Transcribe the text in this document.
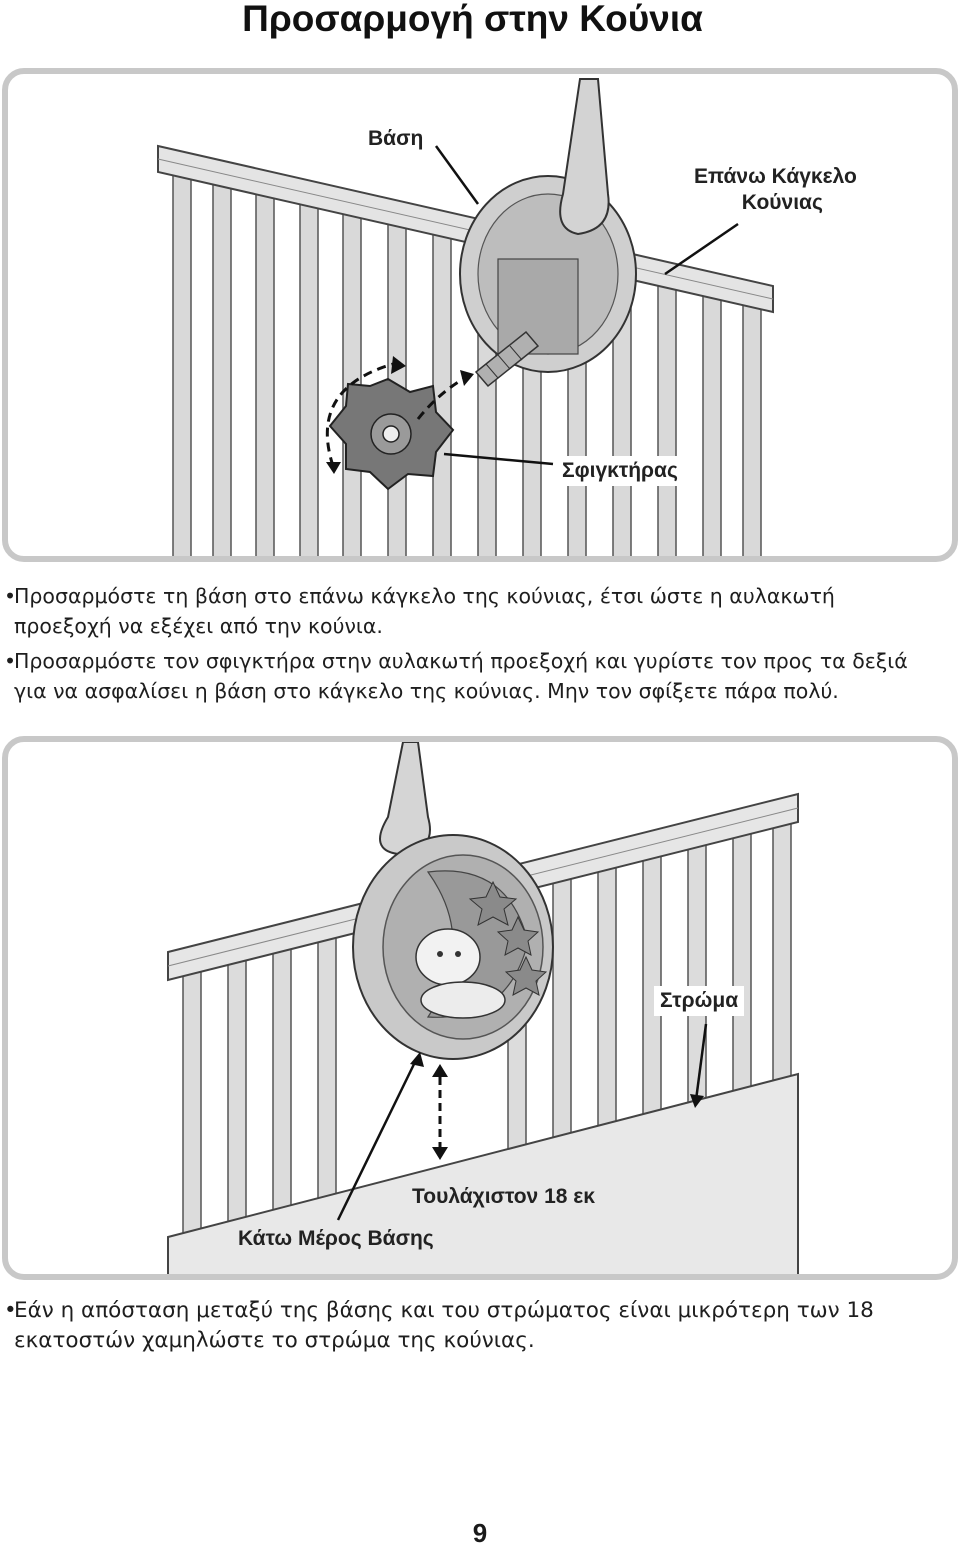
Προσαρμογή στην Κούνια
Βάση
Επάνω Κάγκελο
Κούνιας
Σφιγκτήρας
•
Προσαρμόστε τη βάση στο επάνω κάγκελο της κούνιας, έτσι ώστε η αυλακωτή προεξοχή να εξέχει από την κούνια.
•
Προσαρμόστε τον σφιγκτήρα στην αυλακωτή προεξοχή και γυρίστε τον προς τα δεξιά για να ασφαλίσει η βάση στο κάγκελο της κούνιας. Μην τον σφίξετε πάρα πολύ.
Στρώμα
Τουλάχιστον 18 εκ
Κάτω Μέρος Βάσης
•
Εάν η απόσταση μεταξύ της βάσης και του στρώματος είναι μικρότερη των 18 εκατοστών χαμηλώστε το στρώμα της κούνιας.
9
